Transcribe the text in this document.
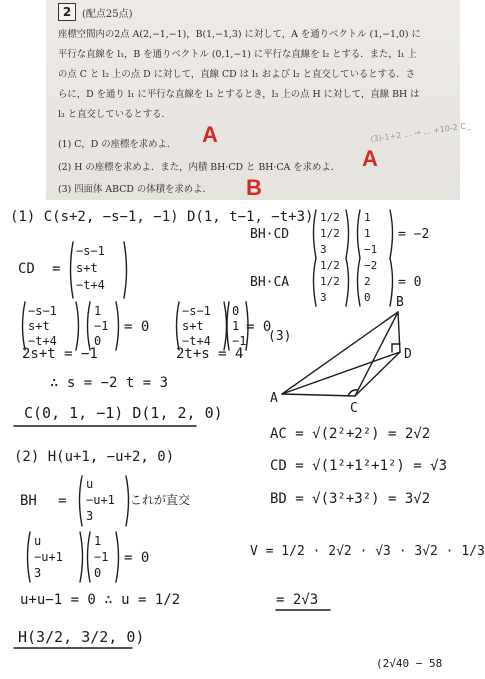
2	(配点25点)
座標空間内の2点 A(2,−1,−1)，B(1,−1,3) に対して，A を通りベクトル (1,−1,0) に
平行な直線を l₁，B を通りベクトル (0,1,−1) に平行な直線を l₂ とする．また，l₁ 上
の点 C と l₂ 上の点 D に対して，直線 CD は l₁ および l₂ と直交しているとする．さ
らに，D を通り l₁ に平行な直線を l₃ とするとき，l₃ 上の点 H に対して，直線 BH は
l₃ と直交しているとする．
(1) C，D の座標を求めよ．
(2) H の座標を求めよ．また，内積 BH·CD と BH·CA を求めよ．
(3) 四面体 ABCD の体積を求めよ．
A
A
B
(3)-1+2 ... → ... +10-2 C_
(1) C(s+2, −s−1, −1) D(1, t−1, −t+3)
CD =
−s−1
s+t
−t+4
−s−1
s+t
−t+4
1
−1
0
= 0
−s−1
s+t
−t+4
0
1
−1
= 0
2s+t = −1	2t+s = 4
∴ s = −2 t = 3
C(0, 1, −1) D(1, 2, 0)
(2) H(u+1, −u+2, 0)
BH =
u
−u+1
3
これが直交
u
−u+1
3
1
−1
0
= 0
u+u−1 = 0 ∴ u = 1/2
H(3/2, 3/2, 0)
BH·CD
1/2
1/2
3
1
1
−1
= −2
BH·CA
1/2
1/2
3
−2
2
0
= 0
(3)
A
B
C
D
AC = √(2²+2²) = 2√2
CD = √(1²+1²+1²) = √3
BD = √(3²+3²) = 3√2
V = 1/2 · 2√2 · √3 · 3√2 · 1/3
= 2√3
(2√40 − 58
